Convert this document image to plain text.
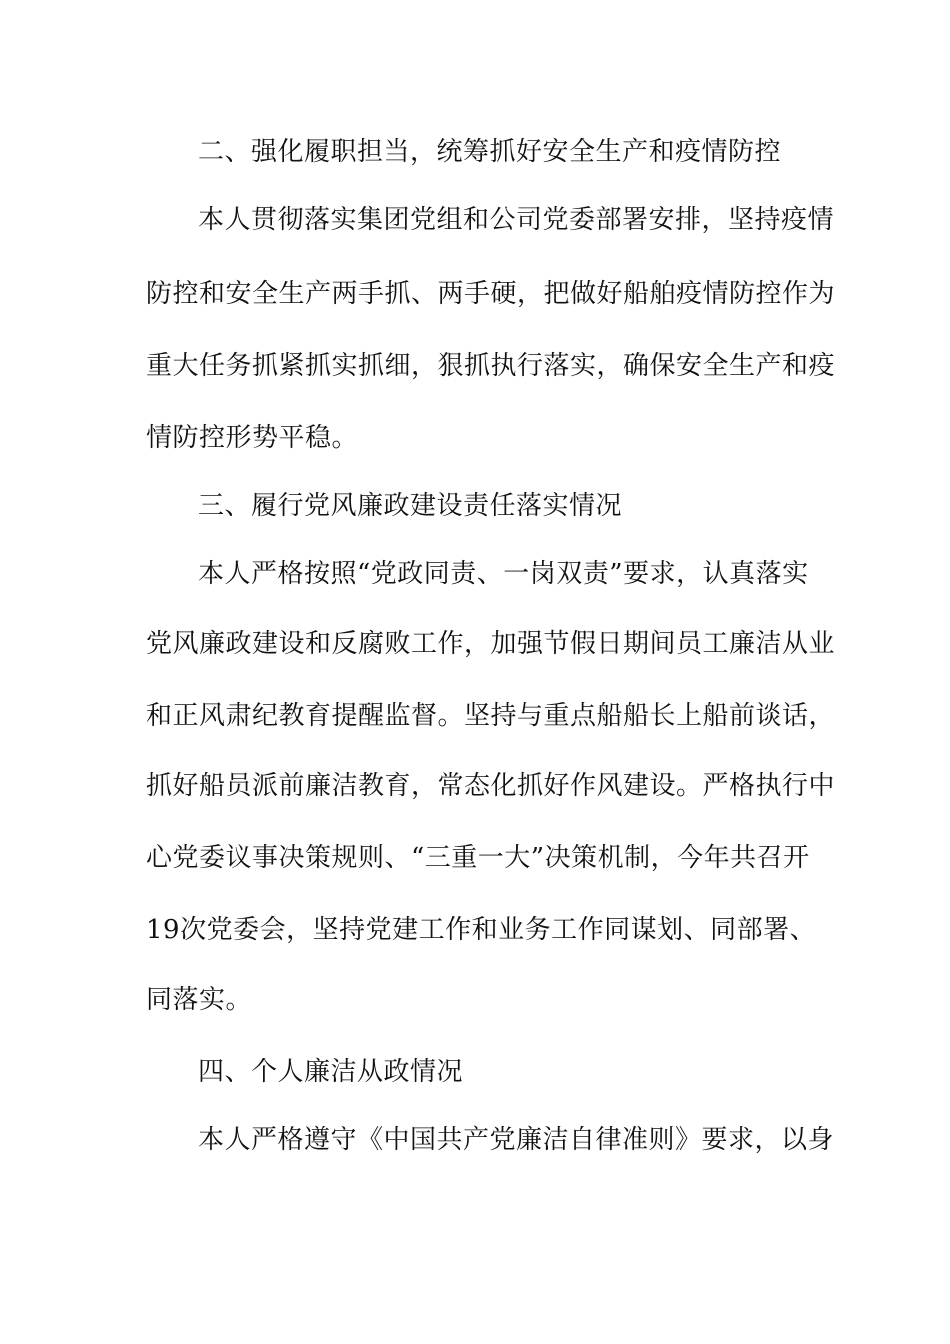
二、强化履职担当，统筹抓好安全生产和疫情防控
本人贯彻落实集团党组和公司党委部署安排，坚持疫情
防控和安全生产两手抓、两手硬，把做好船舶疫情防控作为
重大任务抓紧抓实抓细，狠抓执行落实，确保安全生产和疫
情防控形势平稳。
三、履行党风廉政建设责任落实情况
本人严格按照“党政同责、一岗双责”要求，认真落实
党风廉政建设和反腐败工作，加强节假日期间员工廉洁从业
和正风肃纪教育提醒监督。坚持与重点船船长上船前谈话，
抓好船员派前廉洁教育，常态化抓好作风建设。严格执行中
心党委议事决策规则、“三重一大”决策机制，今年共召开
19次党委会，坚持党建工作和业务工作同谋划、同部署、
同落实。
四、个人廉洁从政情况
本人严格遵守《中国共产党廉洁自律准则》要求，以身
